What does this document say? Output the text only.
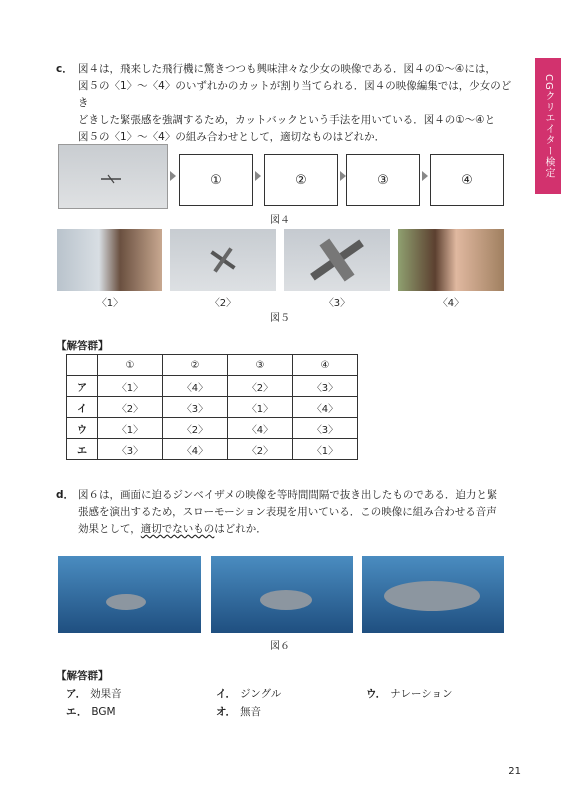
CGクリエイター検定
c． 図４は，飛来した飛行機に驚きつつも興味津々な少女の映像である．図４の①〜④には，
図５の〈1〉〜〈4〉のいずれかのカットが割り当てられる．図４の映像編集では，少女のどき
どきした緊張感を強調するため，カットバックという手法を用いている．図４の①〜④と
図５の〈1〉〜〈4〉の組み合わせとして，適切なものはどれか．
①	②	③	④
図４
〈1〉	〈2〉	〈3〉	〈4〉
図５
【解答群】
	①	②	③	④
ア	〈1〉	〈4〉	〈2〉	〈3〉
イ	〈2〉	〈3〉	〈1〉	〈4〉
ウ	〈1〉	〈2〉	〈4〉	〈3〉
エ	〈3〉	〈4〉	〈2〉	〈1〉
d． 図６は，画面に迫るジンベイザメの映像を等時間間隔で抜き出したものである．迫力と緊
張感を演出するため，スローモーション表現を用いている．この映像に組み合わせる音声
効果として，適切でないものはどれか．
図６
【解答群】
ア． 効果音	イ． ジングル	ウ． ナレーション
エ． BGM	オ． 無音
21
